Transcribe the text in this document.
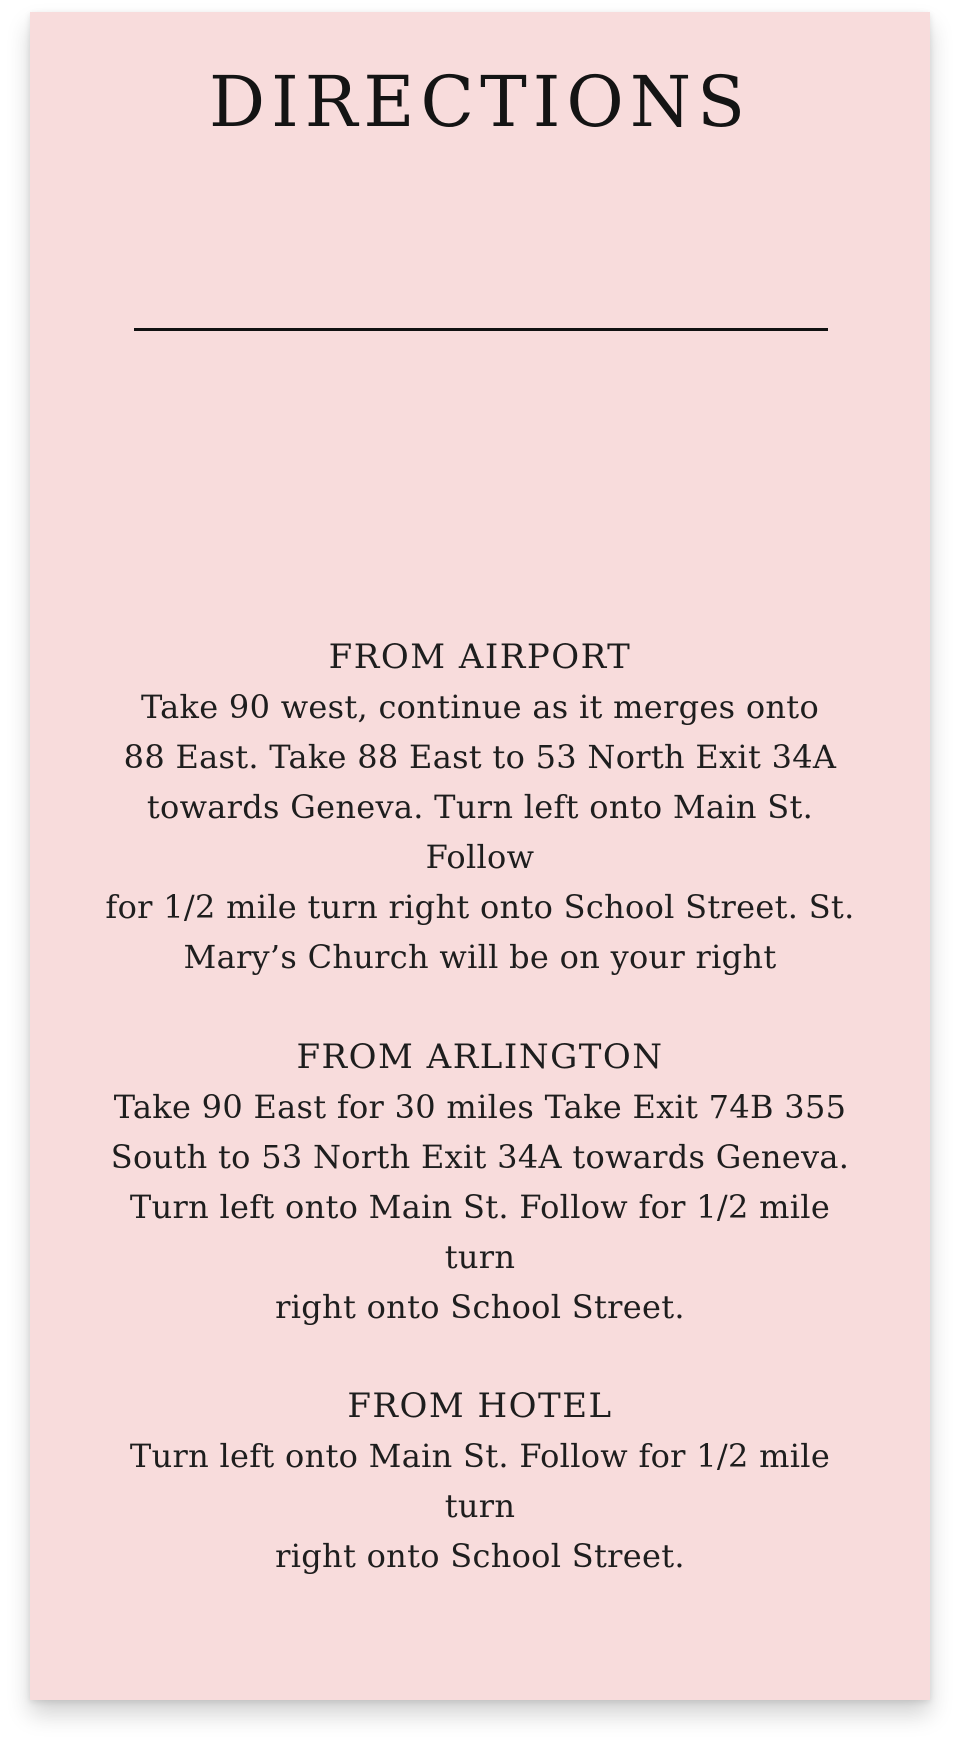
DIRECTIONS
FROM AIRPORT

Take 90 west, continue as it merges onto
88 East. Take 88 East to 53 North Exit 34A
towards Geneva. Turn left onto Main St. Follow
for 1/2 mile turn right onto School Street. St.
Mary’s Church will be on your right

FROM ARLINGTON

Take 90 East for 30 miles Take Exit 74B 355
South to 53 North Exit 34A towards Geneva.
Turn left onto Main St. Follow for 1/2 mile turn
right onto School Street.

FROM HOTEL

Turn left onto Main St. Follow for 1/2 mile turn
right onto School Street.
